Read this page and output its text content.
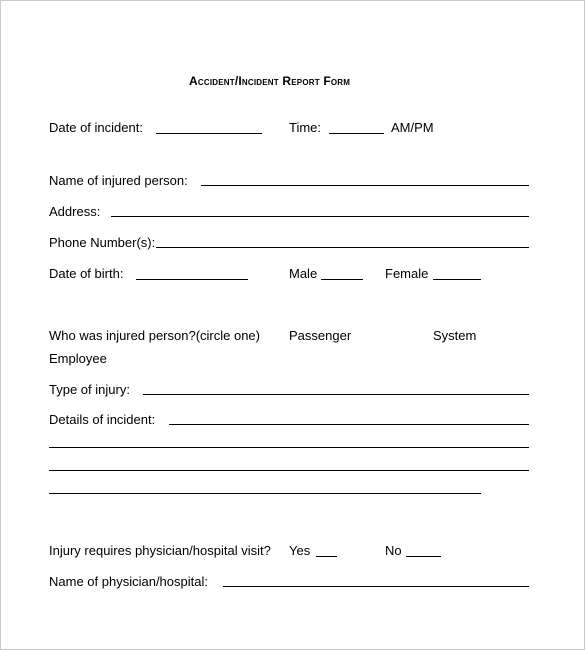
Accident/Incident Report Form
Date of incident:	Time:	AM/PM
Name of injured person:
Address:
Phone Number(s):
Date of birth:	Male	Female
Who was injured person?(circle one) Passenger	System
Employee
Type of injury:
Details of incident:
Injury requires physician/hospital visit? Yes	No
Name of physician/hospital:
